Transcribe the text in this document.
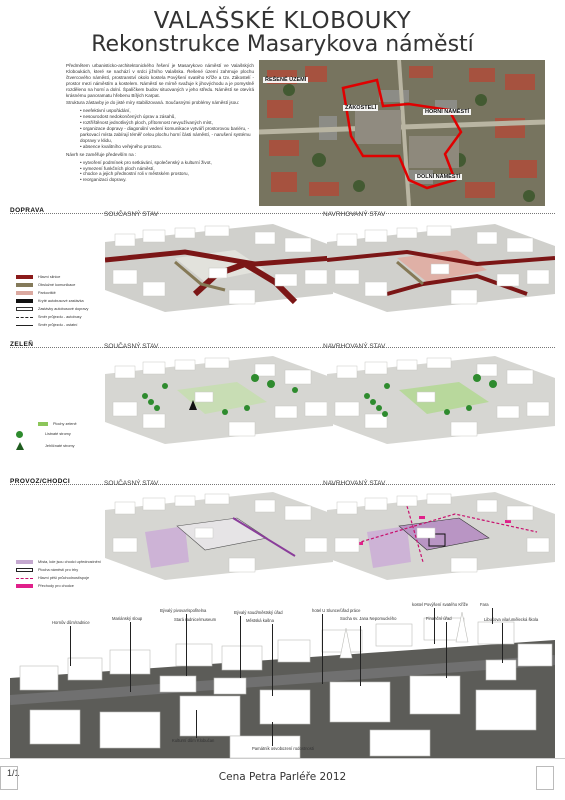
VALAŠSKÉ KLOBOUKY
Rekonstrukce Masarykova náměstí

Předmětem urbanisticko-architektonického řešení je Masarykovo náměstí ve Valašských Kloboukách, které se nachází v srdci jižního Valašska. Řešené území zahrnuje plochu čtvercového náměstí, prostranství okolo kostela Povýšení svatého Kříže a tzv. Zákostelí - prostor mezi náměstím a kostelem. Náměstí se mírně svažuje k jihovýchodu a je pomyslně rozděleno na horní a dolní. Špalíčkem budov situovaných v jeho středu. Náměstí se otevírá krásnému panoramatu hřebenu Bílých Karpat.

Struktura zástavby je do jisté míry stabilizovaná. Současnými problémy náměstí jsou:

• neefektivní uspořádání,
• nesourodost nedokončených úprav a zásahů,
• roztříštěnost jednotlivých ploch, přítomnost nevyužívaných míst,
• organizace dopravy - diagonální vedení komunikace vytváří prostorovou bariéru, - parkovací místa zabírají téměř celou plochu horní části náměstí, - narušení systému dopravy v klidu,
• absence kvalitního veřejného prostoru.

Návrh se zaměřuje především na :

• vytvoření podmínek pro setkávání, společenský a kulturní život,
• vymezení funkčních ploch náměstí,
• chodce a jejich přednostní roli v městském prostoru,
• reorganizaci dopravy.
ŘEŠENÉ ÚZEMÍ
ZÁKOSTELÍ
HORNÍ NÁMĚSTÍ
DOLNÍ NÁMĚSTÍ
DOPRAVA
SOUČASNÝ STAV	NAVRHOVANÝ STAV
Hlavní silnice
Obslužné komunikace
Parkoviště
Kryté autobusové zastávka
Zastávky autobusové dopravy
Směr průjezdu - autobusy
Směr průjezdu - ostatní
ZELEŇ	SOUČASNÝ STAV	NAVRHOVANÝ STAV
Plochy zeleně
Listnaté stromy
Jehličnaté stromy
PROVOZ/CHODCI	SOUČASNÝ STAV	NAVRHOVANÝ STAV
Místa, kde jsou chodci upřednostněni
Plocha náměstí pro trhy
Hlavní pěší průchodnost/spoje
Přechody pro chodce
Hornův dům/radnice
Mariánský sloup
Bývalý pivovar/spořitelna
Stará radnice/museum
Bývalý soud/městský úřad
Městská kašna
hotel U Slunce/úřad práce
Socha sv. Jana Nepomuckého
kostel Povýšení svatého Kříže
Finanční úřad
Fara
Libušova vila/umělecká škola
Kulturní dům Klobučan
Památník osvobození rodostnosti
1/1	Cena Petra Parléře 2012
